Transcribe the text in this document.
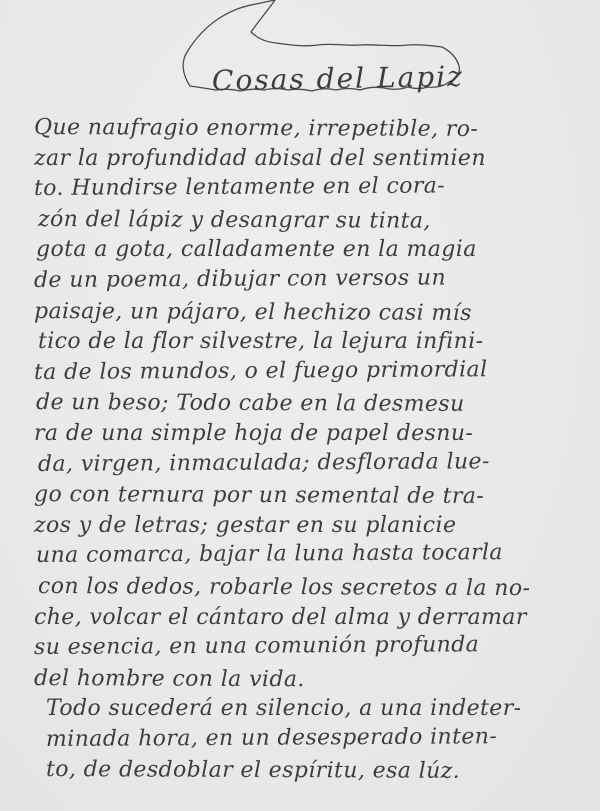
Cosas del Lapiz
Que naufragio enorme, irrepetible, ro-
zar la profundidad abisal del sentimien
to. Hundirse lentamente en el cora-
zón del lápiz y desangrar su tinta,
gota a gota, calladamente en la magia
de un poema, dibujar con versos un
paisaje, un pájaro, el hechizo casi mís
tico de la flor silvestre, la lejura infini-
ta de los mundos, o el fuego primordial
de un beso; Todo cabe en la desmesu
ra de una simple hoja de papel desnu-
da, virgen, inmaculada; desflorada lue-
go con ternura por un semental de tra-
zos y de letras; gestar en su planicie
una comarca, bajar la luna hasta tocarla
con los dedos, robarle los secretos a la no-
che, volcar el cántaro del alma y derramar
su esencia, en una comunión profunda
del hombre con la vida.
Todo sucederá en silencio, a una indeter-
minada hora, en un desesperado inten-
to, de desdoblar el espíritu, esa lúz.
